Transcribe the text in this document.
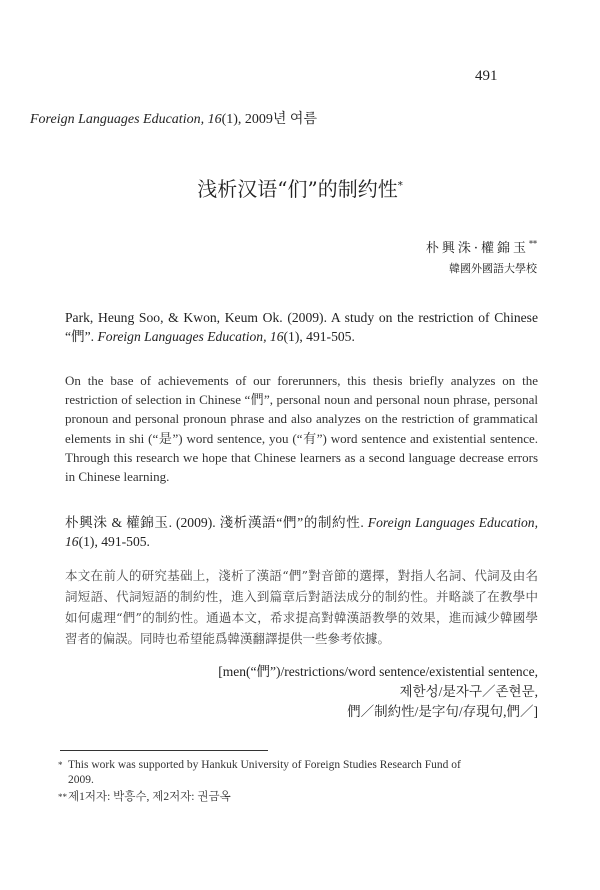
491
Foreign Languages Education, 16(1), 2009년 여름
浅析汉语“们”的制约性*
朴興洙·權錦玉**
韓國外國語大學校
Park, Heung Soo, & Kwon, Keum Ok. (2009). A study on the restriction of Chinese “們”. Foreign Languages Education, 16(1), 491-505.
On the base of achievements of our forerunners, this thesis briefly analyzes on the restriction of selection in Chinese “們”, personal noun and personal noun phrase, personal pronoun and personal pronoun phrase and also analyzes on the restriction of grammatical elements in shi (“是”) word sentence, you (“有”) word sentence and existential sentence. Through this research we hope that Chinese learners as a second language decrease errors in Chinese learning.
朴興洙 & 權錦玉. (2009). 淺析漢語“們”的制約性. Foreign Languages Education, 16(1), 491-505.
本文在前人的研究基础上，淺析了漢語“們”對音節的選擇，對指人名詞、代詞及由名詞短語、代詞短語的制約性，進入到篇章后對語法成分的制約性。并略談了在教學中如何處理“們”的制約性。通過本文，希求提高對韓漢語教學的效果，進而減少韓國學習者的偏誤。同時也希望能爲韓漢翻譯提供一些參考依據。
[men(“們”)/restrictions/word sentence/existential sentence,
제한성/是자구／존현문,
們／制約性/是字句/存現句,們／]
* This work was supported by Hankuk University of Foreign Studies Research Fund of
2009.
**제1저자: 박흥수, 제2저자: 권금옥
